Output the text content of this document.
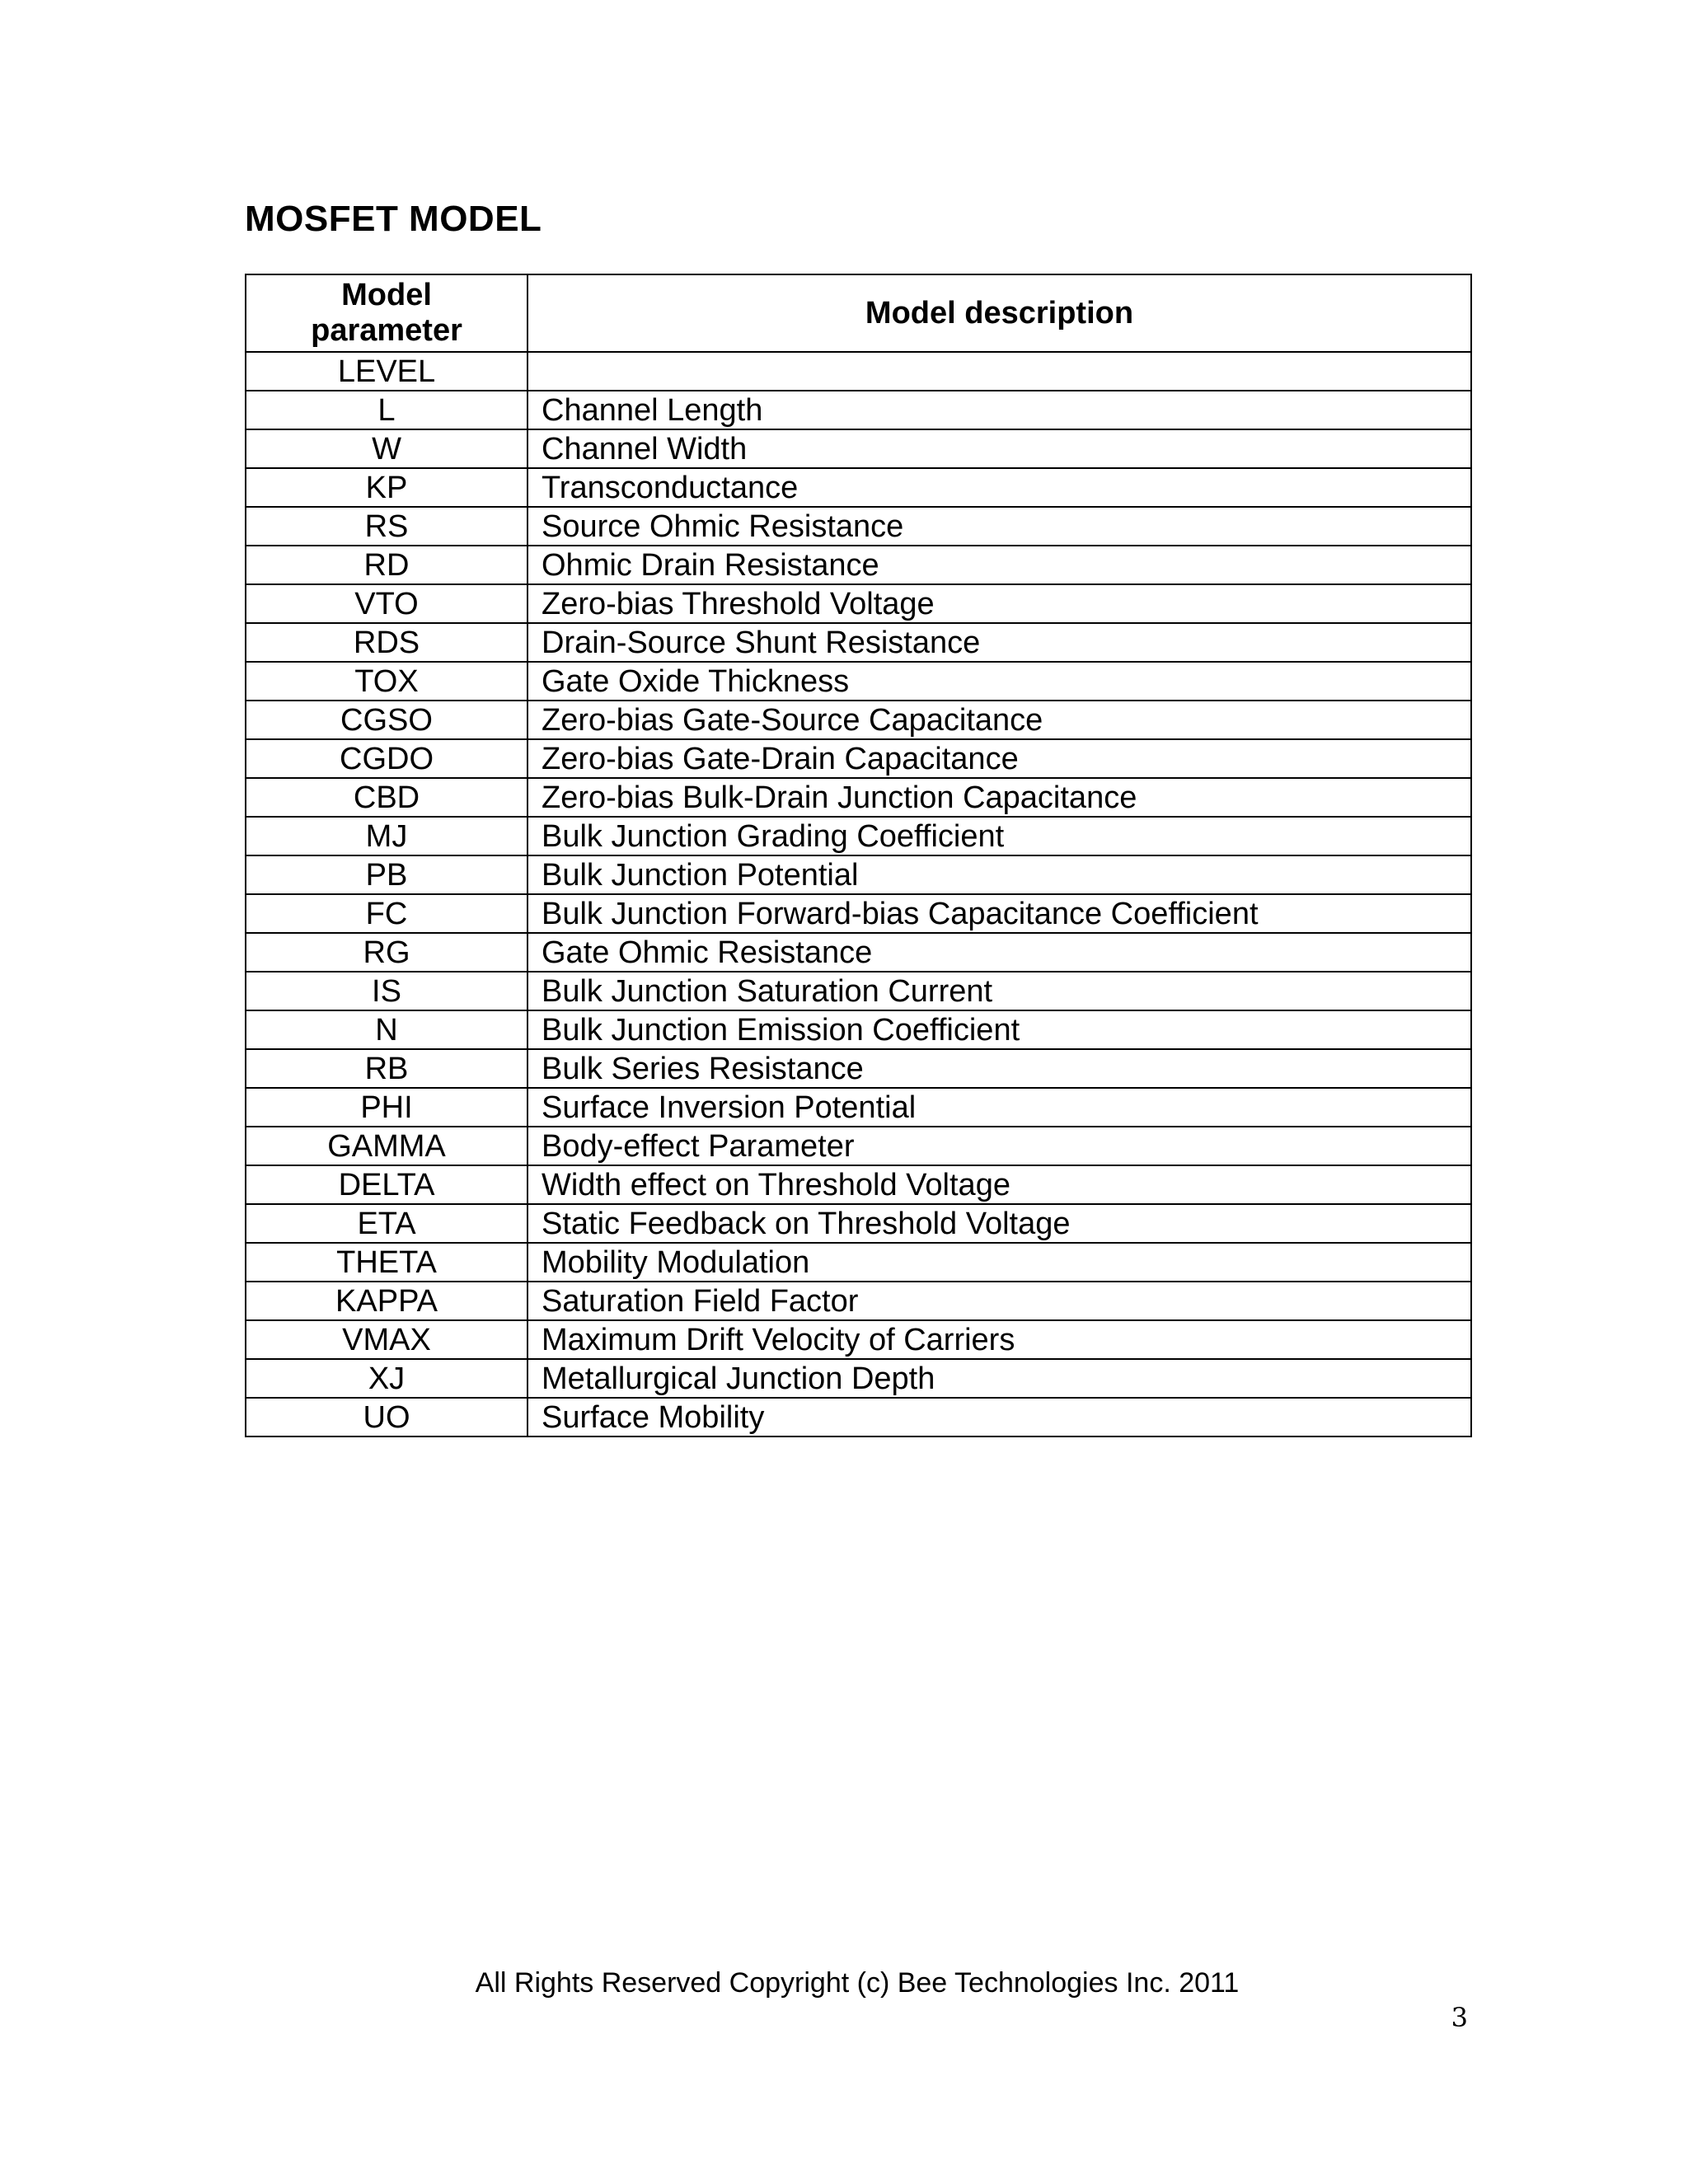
MOSFET MODEL
Model
parameter	Model description
LEVEL	
L	Channel Length
W	Channel Width
KP	Transconductance
RS	Source Ohmic Resistance
RD	Ohmic Drain Resistance
VTO	Zero-bias Threshold Voltage
RDS	Drain-Source Shunt Resistance
TOX	Gate Oxide Thickness
CGSO	Zero-bias Gate-Source Capacitance
CGDO	Zero-bias Gate-Drain Capacitance
CBD	Zero-bias Bulk-Drain Junction Capacitance
MJ	Bulk Junction Grading Coefficient
PB	Bulk Junction Potential
FC	Bulk Junction Forward-bias Capacitance Coefficient
RG	Gate Ohmic Resistance
IS	Bulk Junction Saturation Current
N	Bulk Junction Emission Coefficient
RB	Bulk Series Resistance
PHI	Surface Inversion Potential
GAMMA	Body-effect Parameter
DELTA	Width effect on Threshold Voltage
ETA	Static Feedback on Threshold Voltage
THETA	Mobility Modulation
KAPPA	Saturation Field Factor
VMAX	Maximum Drift Velocity of Carriers
XJ	Metallurgical Junction Depth
UO	Surface Mobility
All Rights Reserved Copyright (c) Bee Technologies Inc. 2011
3
